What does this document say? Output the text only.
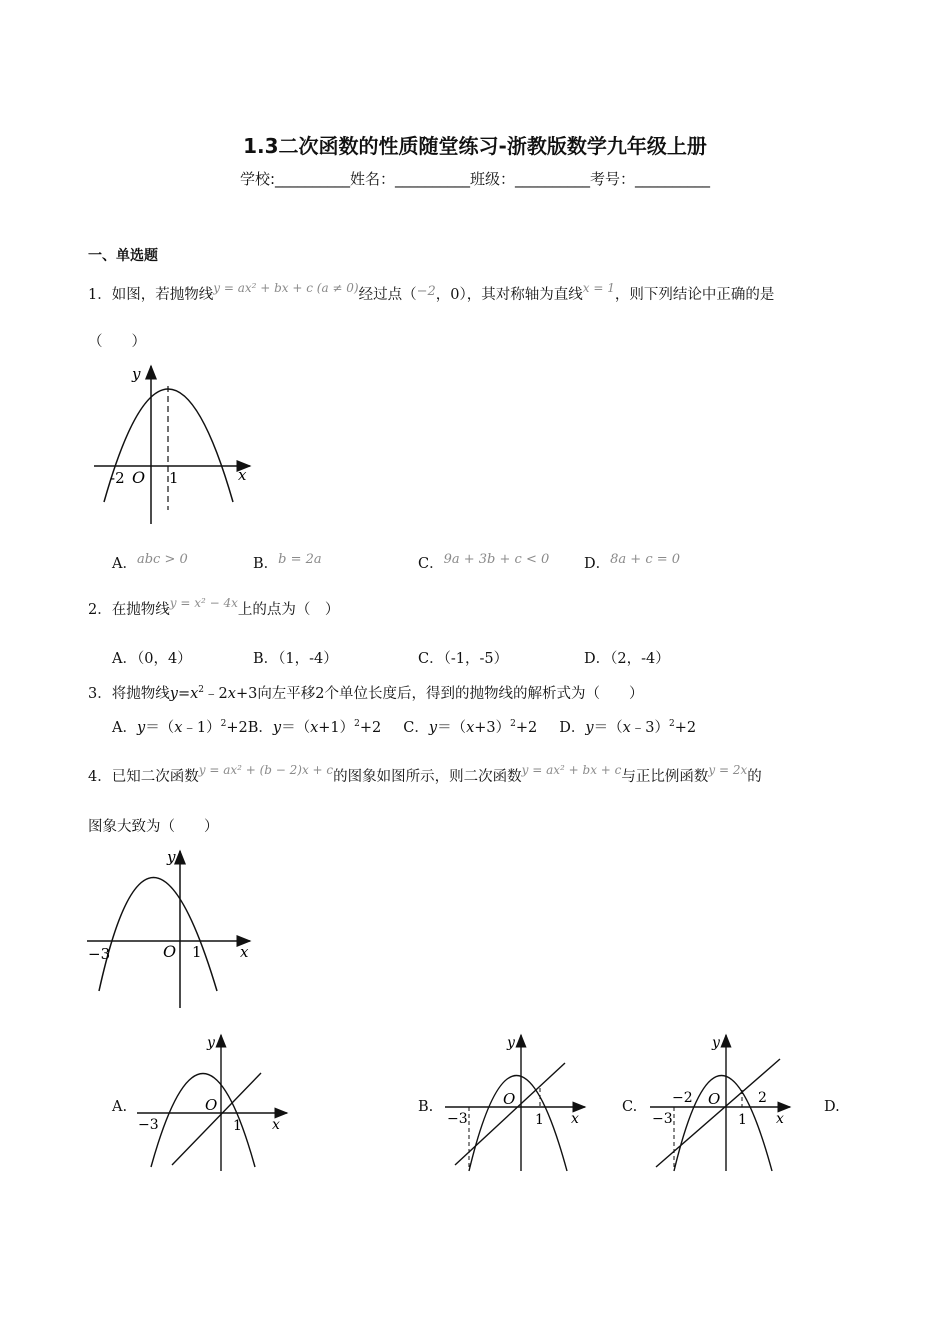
1.3二次函数的性质随堂练习-浙教版数学九年级上册
学校:__________姓名：__________班级：__________考号：__________
一、单选题
1．如图，若抛物线$^{y = ax^2 + bx + c (a \ne 0)}$经过点（−2，0），其对称轴为直线$^{x = 1}$，则下列结论中正确的是
（　　）
y
x
-2 O 1
A．abc > 0	B．b = 2a	C．9a + 3b + c < 0 D．8a + c = 0
2．在抛物线$^{y = x^2 - 4x}$上的点为（　）
A．（0，4）	B．（1，-4）	C．（-1，-5）	D．（2，-4）
3．将抛物线$y=x^2﹣2x+3$向左平移2个单位长度后，得到的抛物线的解析式为（　　）
A．y＝（x﹣1）$^2$+2B．$y=(x+1)^2+2$ C．$y=(x+3)^2+2$ D．y＝（x﹣3）$^2$+2
4．已知二次函数$^{y = ax^2 + (b - 2)x + c}$的图象如图所示，则二次函数$^{y = ax^2 + bx + c}$与正比例函数$^{y = 2x}$的
图象大致为（　　）
y
x
−3	O 1
A.
y
x
O
−3	1
B.
y
x
O
−3	1
C.
y
x
O
−3
−2
1
2
D.
